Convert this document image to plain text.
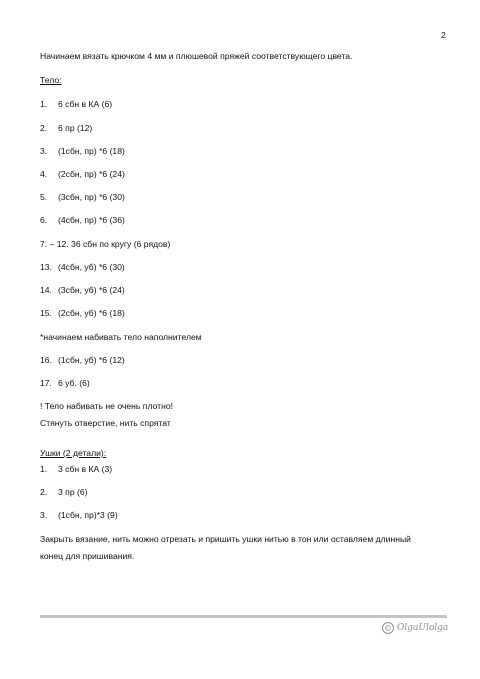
2
Начинаем вязать крючком 4 мм и плюшевой пряжей соответствующего цвета.
Тело:
1. 6 сбн в КА (6)
2. 6 пр (12)
3. (1сбн, пр) *6 (18)
4. (2сбн, пр) *6 (24)
5. (3сбн, пр) *6 (30)
6. (4сбн, пр) *6 (36)
7. – 12. 36 сбн по кругу (6 рядов)
13. (4сбн, уб) *6 (30)
14. (3сбн, уб) *6 (24)
15. (2сбн, уб) *6 (18)
*начинаем набивать тело наполнителем
16. (1сбн, уб) *6 (12)
17. 6 уб. (6)
! Тело набивать не очень плотно!
Стянуть отверстие, нить спрятат
Ушки (2 детали):
1. 3 сбн в КА (3)
2. 3 пр (6)
3. (1сбн, пр)*3 (9)
Закрыть вязание, нить можно отрезать и пришить ушки нитью в тон или оставляем длинный
конец для пришивания.
© OlgaUlolga
